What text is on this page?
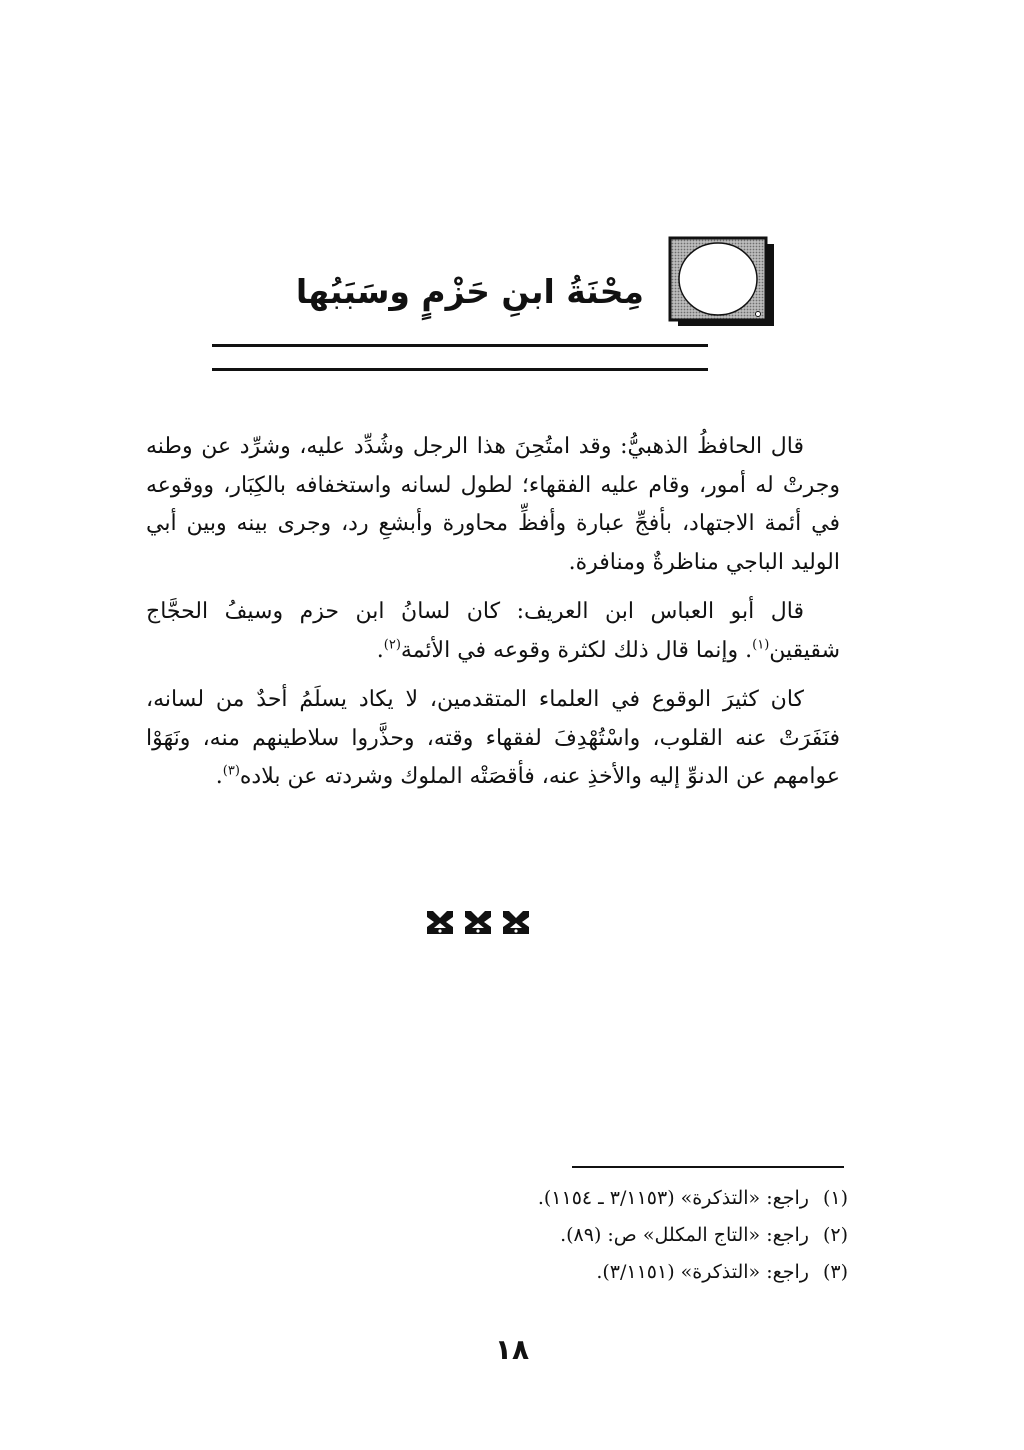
مِحْنَةُ ابنِ حَزْمٍ وسَبَبُها

قال الحافظُ الذهبيُّ: وقد امتُحِنَ هذا الرجل وشُدِّد عليه، وشرِّد عن وطنه وجرتْ له أمور، وقام عليه الفقهاء؛ لطول لسانه واستخفافه بالكِبَار، ووقوعه في أئمة الاجتهاد، بأفجِّ عبارة وأفظِّ محاورة وأبشعِ رد، وجرى بينه وبين أبي الوليد الباجي مناظرةٌ ومنافرة.

قال أبو العباس ابن العريف: كان لسانُ ابن حزم وسيفُ الحجَّاج شقيقين$^{(١)}$. وإنما قال ذلك لكثرة وقوعه في الأئمة$^{(٢)}$.

كان كثيرَ الوقوع في العلماء المتقدمين، لا يكاد يسلَمُ أحدٌ من لسانه، فنَفَرَتْ عنه القلوب، واسْتُهْدِفَ لفقهاء وقته، وحذَّروا سلاطينهم منه، ونَهَوْا عوامهم عن الدنوِّ إليه والأخذِ عنه، فأقصَتْه الملوك وشردته عن بلاده$^{(٣)}$.

(١)راجع: «التذكرة» (٣/١١٥٣ ـ ١١٥٤).

(٢)راجع: «التاج المكلل» ص: (٨٩).

(٣)راجع: «التذكرة» (٣/١١٥١).

١٨
